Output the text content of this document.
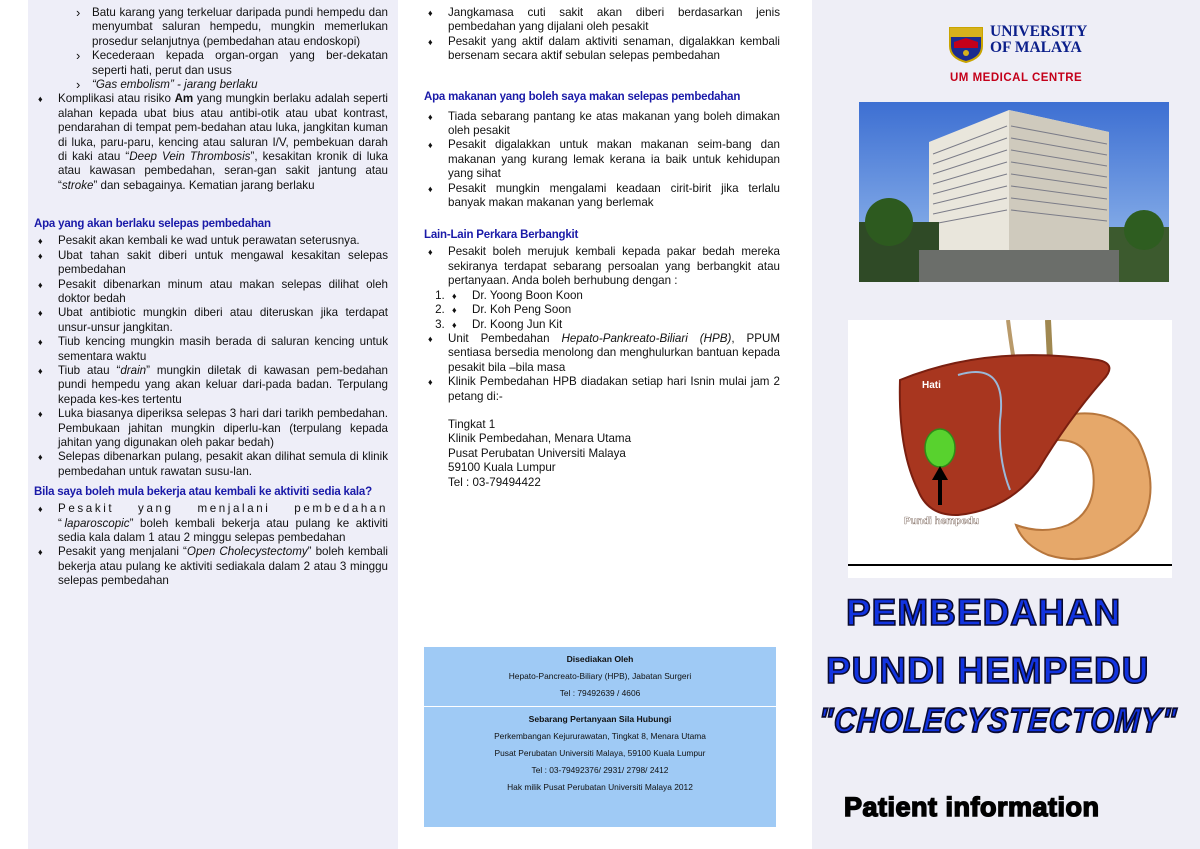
› Batu karang yang terkeluar daripada pundi hempedu dan menyumbat saluran hempedu, mungkin memerlukan prosedur selanjutnya (pembedahan atau endoskopi)
› Kecederaan kepada organ-organ yang ber-dekatan seperti hati, perut dan usus
› “Gas embolism” - jarang berlaku
♦ Komplikasi atau risiko Am yang mungkin berlaku adalah seperti alahan kepada ubat bius atau antibi-otik atau ubat kontrast, pendarahan di tempat pem-bedahan atau luka, jangkitan kuman di luka, paru-paru, kencing atau saluran I/V, pembekuan darah di kaki atau “Deep Vein Thrombosis”, kesakitan kronik di luka atau kawasan pembedahan, seran-gan sakit jantung atau “stroke” dan sebagainya. Kematian jarang berlaku
Apa yang akan berlaku selepas pembedahan
♦ Pesakit akan kembali ke wad untuk perawatan seterusnya.
♦ Ubat tahan sakit diberi untuk mengawal kesakitan selepas pembedahan
♦ Pesakit dibenarkan minum atau makan selepas dilihat oleh doktor bedah
♦ Ubat antibiotic mungkin diberi atau diteruskan jika terdapat unsur-unsur jangkitan.
♦ Tiub kencing mungkin masih berada di saluran kencing untuk sementara waktu
♦ Tiub atau “drain” mungkin diletak di kawasan pem-bedahan pundi hempedu yang akan keluar dari-pada badan. Terpulang kepada kes-kes tertentu
♦ Luka biasanya diperiksa selepas 3 hari dari tarikh pembedahan. Pembukaan jahitan mungkin diperlu-kan (terpulang kepada jahitan yang digunakan oleh pakar bedah)
♦ Selepas dibenarkan pulang, pesakit akan dilihat semula di klinik pembedahan untuk rawatan susu-lan.
Bila saya boleh mula bekerja atau kembali ke aktiviti sedia kala?
♦ Pesakit yang menjalani pembedahan “laparoscopic” boleh kembali bekerja atau pulang ke aktiviti sedia kala dalam 1 atau 2 minggu selepas pembedahan
♦ Pesakit yang menjalani “Open Cholecystectomy” boleh kembali bekerja atau pulang ke aktiviti sediakala dalam 2 atau 3 minggu selepas pembedahan
♦ Jangkamasa cuti sakit akan diberi berdasarkan jenis pembedahan yang dijalani oleh pesakit
♦ Pesakit yang aktif dalam aktiviti senaman, digalakkan kembali bersenam secara aktif sebulan selepas pembedahan
Apa makanan yang boleh saya makan selepas pembedahan
♦ Tiada sebarang pantang ke atas makanan yang boleh dimakan oleh pesakit
♦ Pesakit digalakkan untuk makan makanan seim-bang dan makanan yang kurang lemak kerana ia baik untuk kehidupan yang sihat
♦ Pesakit mungkin mengalami keadaan cirit-birit jika terlalu banyak makan makanan yang berlemak
Lain-Lain Perkara Berbangkit
♦ Pesakit boleh merujuk kembali kepada pakar bedah mereka sekiranya terdapat sebarang persoalan yang berbangkit atau pertanyaan. Anda boleh berhubung dengan :
♦ 1. Dr. Yoong Boon Koon
♦ 2. Dr. Koh Peng Soon
♦ 3. Dr. Koong Jun Kit
♦ Unit Pembedahan Hepato-Pankreato-Biliari (HPB), PPUM sentiasa bersedia menolong dan menghulurkan bantuan kepada pesakit bila –bila masa
♦ Klinik Pembedahan HPB diadakan setiap hari Isnin mulai jam 2 petang di:-
Tingkat 1
Klinik Pembedahan, Menara Utama
Pusat Perubatan Universiti Malaya
59100 Kuala Lumpur
Tel : 03-79494422
Disediakan Oleh
Hepato-Pancreato-Biliary (HPB), Jabatan Surgeri
Tel : 79492639 / 4606
Sebarang Pertanyaan Sila Hubungi
Perkembangan Kejururawatan, Tingkat 8, Menara Utama
Pusat Perubatan Universiti Malaya, 59100 Kuala Lumpur
Tel : 03-79492376/ 2931/ 2798/ 2412
Hak milik Pusat Perubatan Universiti Malaya 2012
UNIVERSITY
OF MALAYA
UM MEDICAL CENTRE
Hati
Perut
Pundi hempedu
PEMBEDAHAN
PUNDI HEMPEDU
"CHOLECYSTECTOMY"
Patient information
